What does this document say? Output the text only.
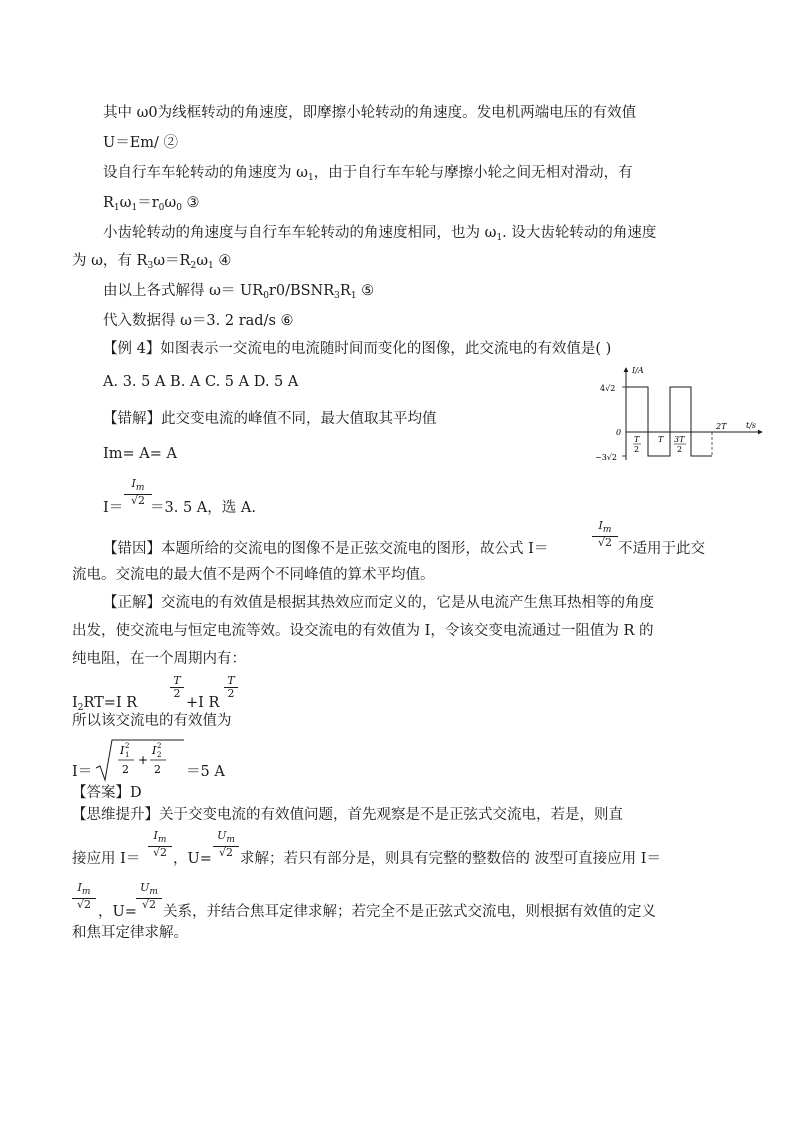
其中 ω0为线框转动的角速度，即摩擦小轮转动的角速度。发电机两端电压的有效值
U＝Em/ ②
设自行车车轮转动的角速度为 $\omega_1$，由于自行车车轮与摩擦小轮之间无相对滑动，有
$R_1\omega_1=r_0\omega_0$ ③
小齿轮转动的角速度与自行车车轮转动的角速度相同，也为 $\omega_1$. 设大齿轮转动的角速度
为 ω，有 $R_3\omega=R_2\omega_1$ ④
由以上各式解得 $\omega= UR_0r0/BSNR_3R_1$ ⑤
代入数据得 ω＝3. 2 rad/s ⑥
【例 4】如图表示一交流电的电流随时间而变化的图像，此交流电的有效值是( )
A. 3. 5 A B. A C. 5 A D. 5 A
【错解】此交变电流的峰值不同，最大值取其平均值
Im= A= A
I＝
$\frac{I_m}{√2}$
＝3. 5 A，选 A.
【错因】本题所给的交流电的图像不是正弦交流电的图形，故公式 I＝	$\frac{I_m}{√2}$ 不适用于此交
流电。交流电的最大值不是两个不同峰值的算术平均值。
【正解】交流电的有效值是根据其热效应而定义的，它是从电流产生焦耳热相等的角度
出发，使交流电与恒定电流等效。设交流电的有效值为 I，令该交变电流通过一阻值为 R 的
纯电阻，在一个周期内有：
$I_2RT=I$ R
$\frac{T}{2}$
+I R
$\frac{T}{2}$
所以该交流电的有效值为
I＝
I 1
2
2
+
I 2
2
2 ＝5 A
【答案】D
【思维提升】关于交变电流的有效值问题，首先观察是不是正弦式交流电，若是，则直
接应用 $I= \frac{I_m}{√2}$ ，$U= \frac{U_m}{√2}$ 求解；若只有部分是，则具有完整的整数倍的 波型可直接应用 I＝
$\frac{I_m}{√2}$
，U=
$\frac{U_m}{√2}$
关系，并结合焦耳定律求解；若完全不是正弦式交流电，则根据有效值的定义
和焦耳定律求解。
I/A
t/s
4√2
−3√2
0
T
2
T 3T
2
2T
